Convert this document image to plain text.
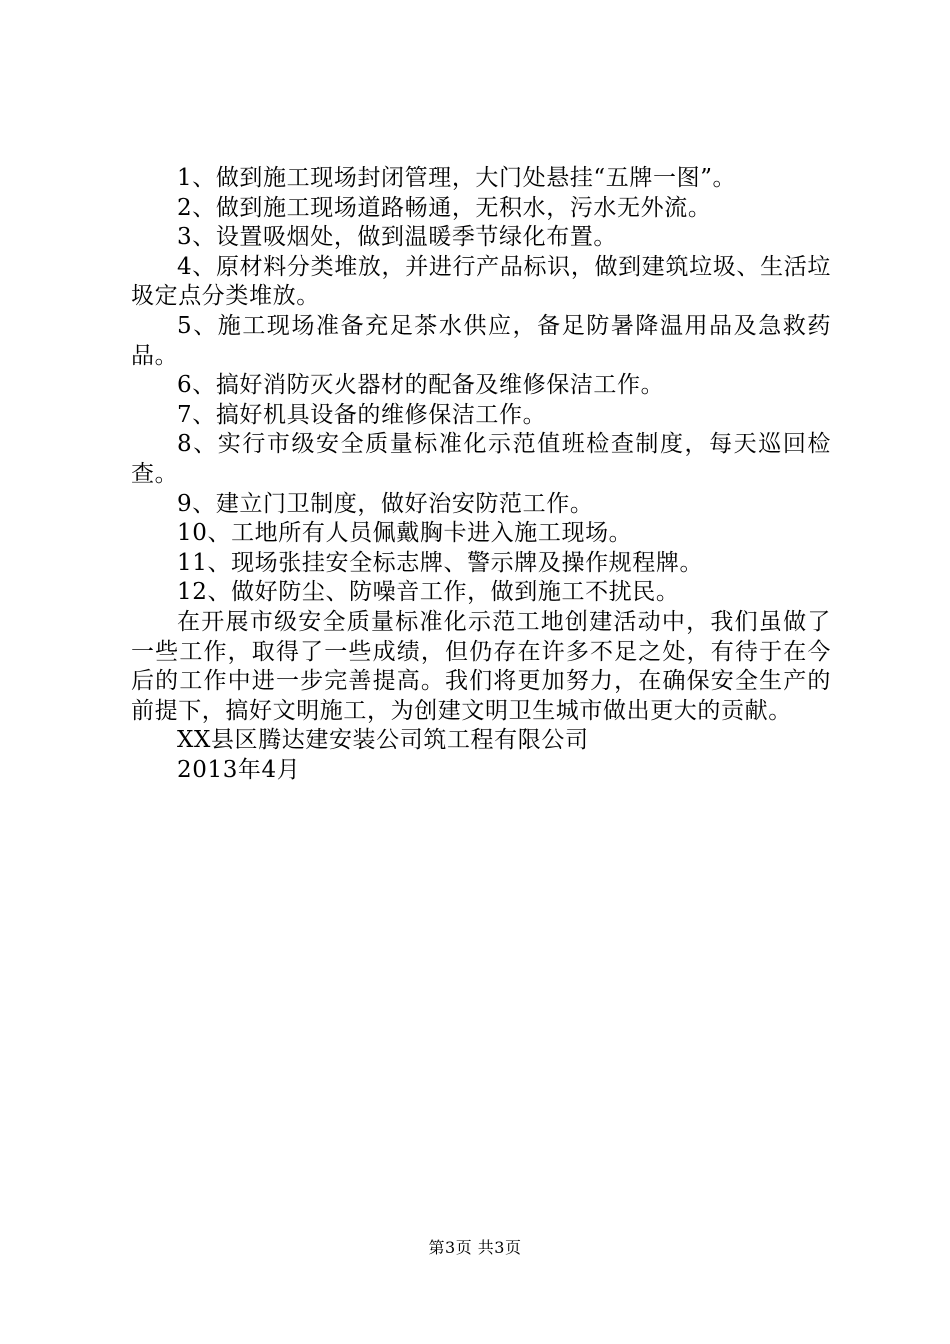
1、做到施工现场封闭管理，大门处悬挂“五牌一图”。

2、做到施工现场道路畅通，无积水，污水无外流。

3、设置吸烟处，做到温暖季节绿化布置。

4、原材料分类堆放，并进行产品标识，做到建筑垃圾、生活垃圾定点分类堆放。

5、施工现场准备充足茶水供应，备足防暑降温用品及急救药品。

6、搞好消防灭火器材的配备及维修保洁工作。

7、搞好机具设备的维修保洁工作。

8、实行市级安全质量标准化示范值班检查制度，每天巡回检查。

9、建立门卫制度，做好治安防范工作。

10、工地所有人员佩戴胸卡进入施工现场。

11、现场张挂安全标志牌、警示牌及操作规程牌。

12、做好防尘、防噪音工作，做到施工不扰民。

在开展市级安全质量标准化示范工地创建活动中，我们虽做了一些工作，取得了一些成绩，但仍存在许多不足之处，有待于在今后的工作中进一步完善提高。我们将更加努力，在确保安全生产的前提下，搞好文明施工，为创建文明卫生城市做出更大的贡献。

XX县区腾达建安装公司筑工程有限公司

2013年4月

第3页 共3页
